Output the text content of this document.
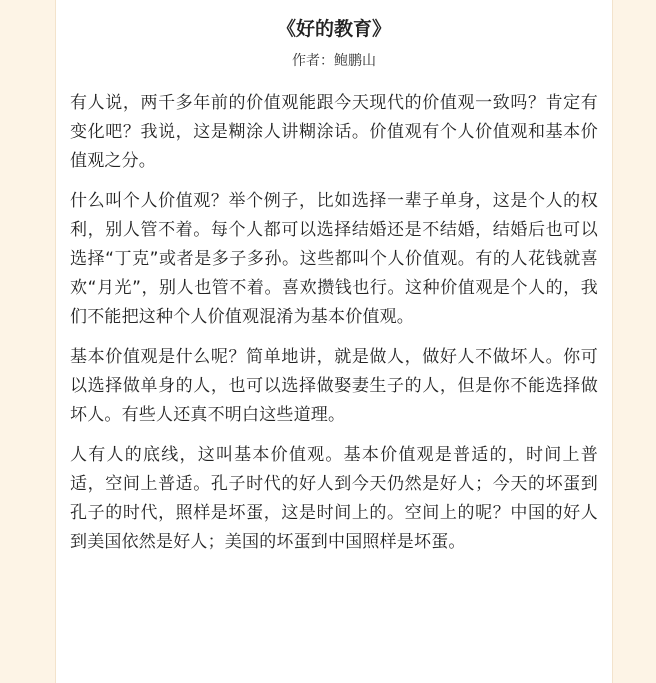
《好的教育》
作者：鲍鹏山

有人说，两千多年前的价值观能跟今天现代的价值观一致吗？肯定有变化吧？我说，这是糊涂人讲糊涂话。价值观有个人价值观和基本价值观之分。

什么叫个人价值观？举个例子，比如选择一辈子单身，这是个人的权利，别人管不着。每个人都可以选择结婚还是不结婚，结婚后也可以选择“丁克”或者是多子多孙。这些都叫个人价值观。有的人花钱就喜欢“月光”，别人也管不着。喜欢攒钱也行。这种价值观是个人的，我们不能把这种个人价值观混淆为基本价值观。

基本价值观是什么呢？简单地讲，就是做人，做好人不做坏人。你可以选择做单身的人，也可以选择做娶妻生子的人，但是你不能选择做坏人。有些人还真不明白这些道理。

人有人的底线，这叫基本价值观。基本价值观是普适的，时间上普适，空间上普适。孔子时代的好人到今天仍然是好人；今天的坏蛋到孔子的时代，照样是坏蛋，这是时间上的。空间上的呢？中国的好人到美国依然是好人；美国的坏蛋到中国照样是坏蛋。
